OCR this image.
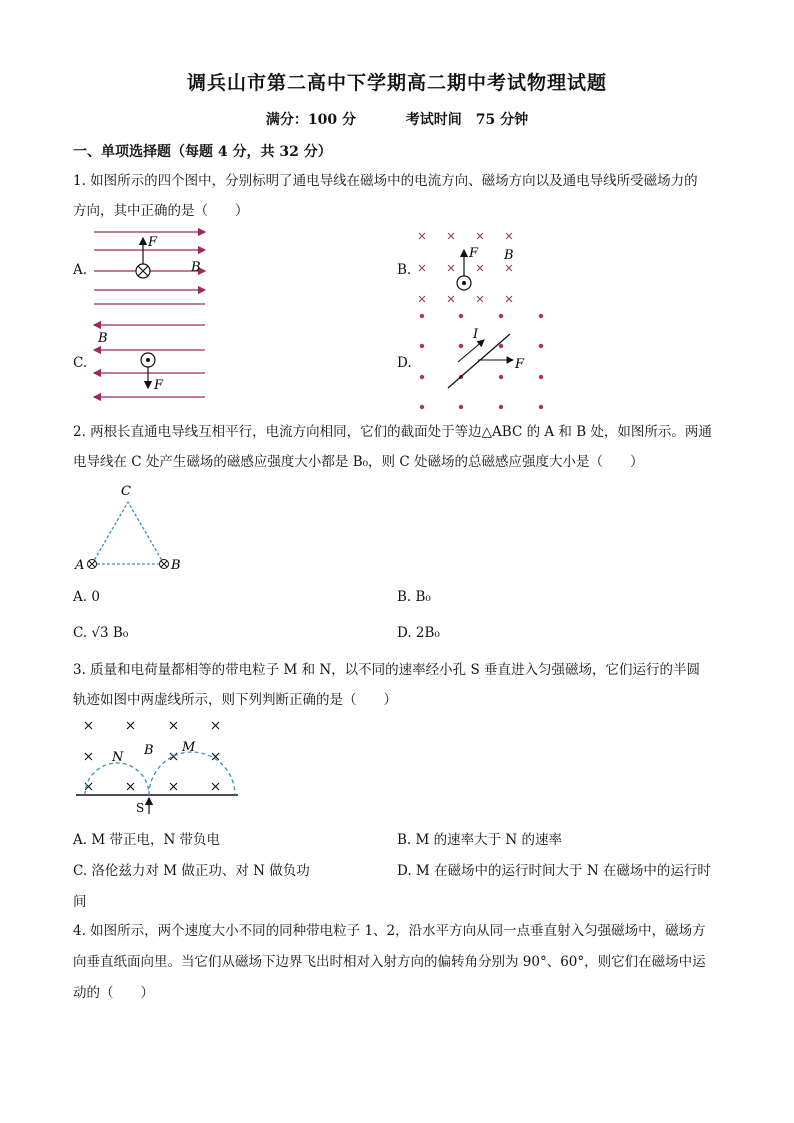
调兵山市第二高中下学期高二期中考试物理试题
满分：100 分	考试时间　75 分钟
一、单项选择题（每题 4 分，共 32 分）
1. 如图所示的四个图中，分别标明了通电导线在磁场中的电流方向、磁场方向以及通电导线所受磁场力的
方向，其中正确的是（　　）
A.	B.
C.	D.
F
B
F B
B
F
I
F
2. 两根长直通电导线互相平行，电流方向相同，它们的截面处于等边△ABC 的 A 和 B 处，如图所示。两通
电导线在 C 处产生磁场的磁感应强度大小都是 B₀，则 C 处磁场的总磁感应强度大小是（　　）
A	B
C
A. 0	B. B₀
C. √3 B₀	D. 2B₀
3. 质量和电荷量都相等的带电粒子 M 和 N，以不同的速率经小孔 S 垂直进入匀强磁场，它们运行的半圆
轨迹如图中两虚线所示，则下列判断正确的是（　　）
N B M
S
A. M 带正电，N 带负电	B. M 的速率大于 N 的速率
C. 洛伦兹力对 M 做正功、对 N 做负功	D. M 在磁场中的运行时间大于 N 在磁场中的运行时
间
4. 如图所示，两个速度大小不同的同种带电粒子 1、2，沿水平方向从同一点垂直射入匀强磁场中，磁场方
向垂直纸面向里。当它们从磁场下边界飞出时相对入射方向的偏转角分别为 90°、60°，则它们在磁场中运
动的（　　）
